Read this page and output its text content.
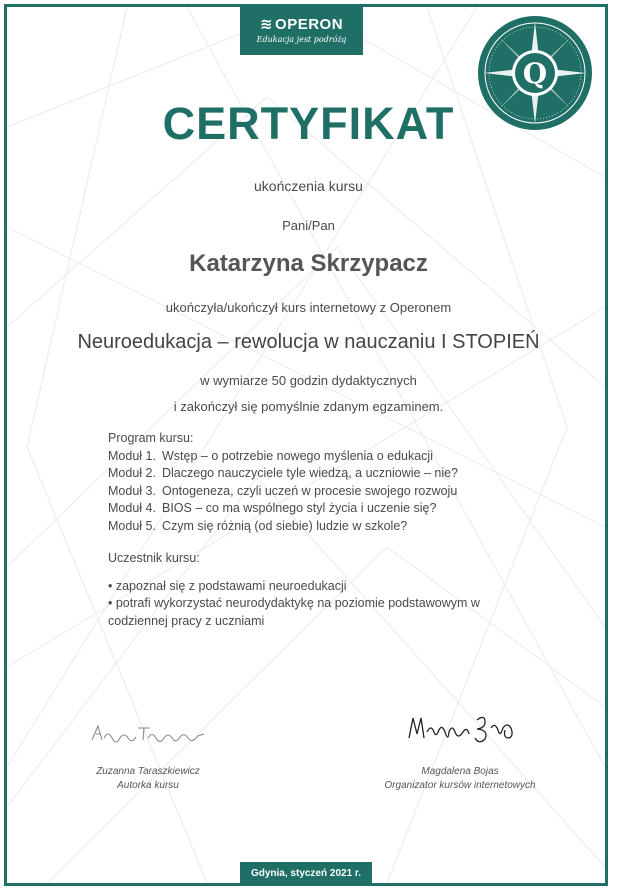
≋ OPERON
Edukacja jest podróżą
Q
CERTYFIKAT
ukończenia kursu
Pani/Pan
Katarzyna Skrzypacz
ukończyła/ukończył kurs internetowy z Operonem
Neuroedukacja – rewolucja w nauczaniu I STOPIEŃ
w wymiarze 50 godzin dydaktycznych
i zakończył się pomyślnie zdanym egzaminem.
Program kursu:
Moduł 1. Wstęp – o potrzebie nowego myślenia o edukacji
Moduł 2. Dlaczego nauczyciele tyle wiedzą, a uczniowie – nie?
Moduł 3. Ontogeneza, czyli uczeń w procesie swojego rozwoju
Moduł 4. BIOS – co ma wspólnego styl życia i uczenie się?
Moduł 5. Czym się różnią (od siebie) ludzie w szkole?
Uczestnik kursu:
• zapoznał się z podstawami neuroedukacji
• potrafi wykorzystać neurodydaktykę na poziomie podstawowym w
codziennej pracy z uczniami
Zuzanna Taraszkiewicz
Autorka kursu
Magdalena Bojas
Organizator kursów internetowych
Gdynia, styczeń 2021 r.
